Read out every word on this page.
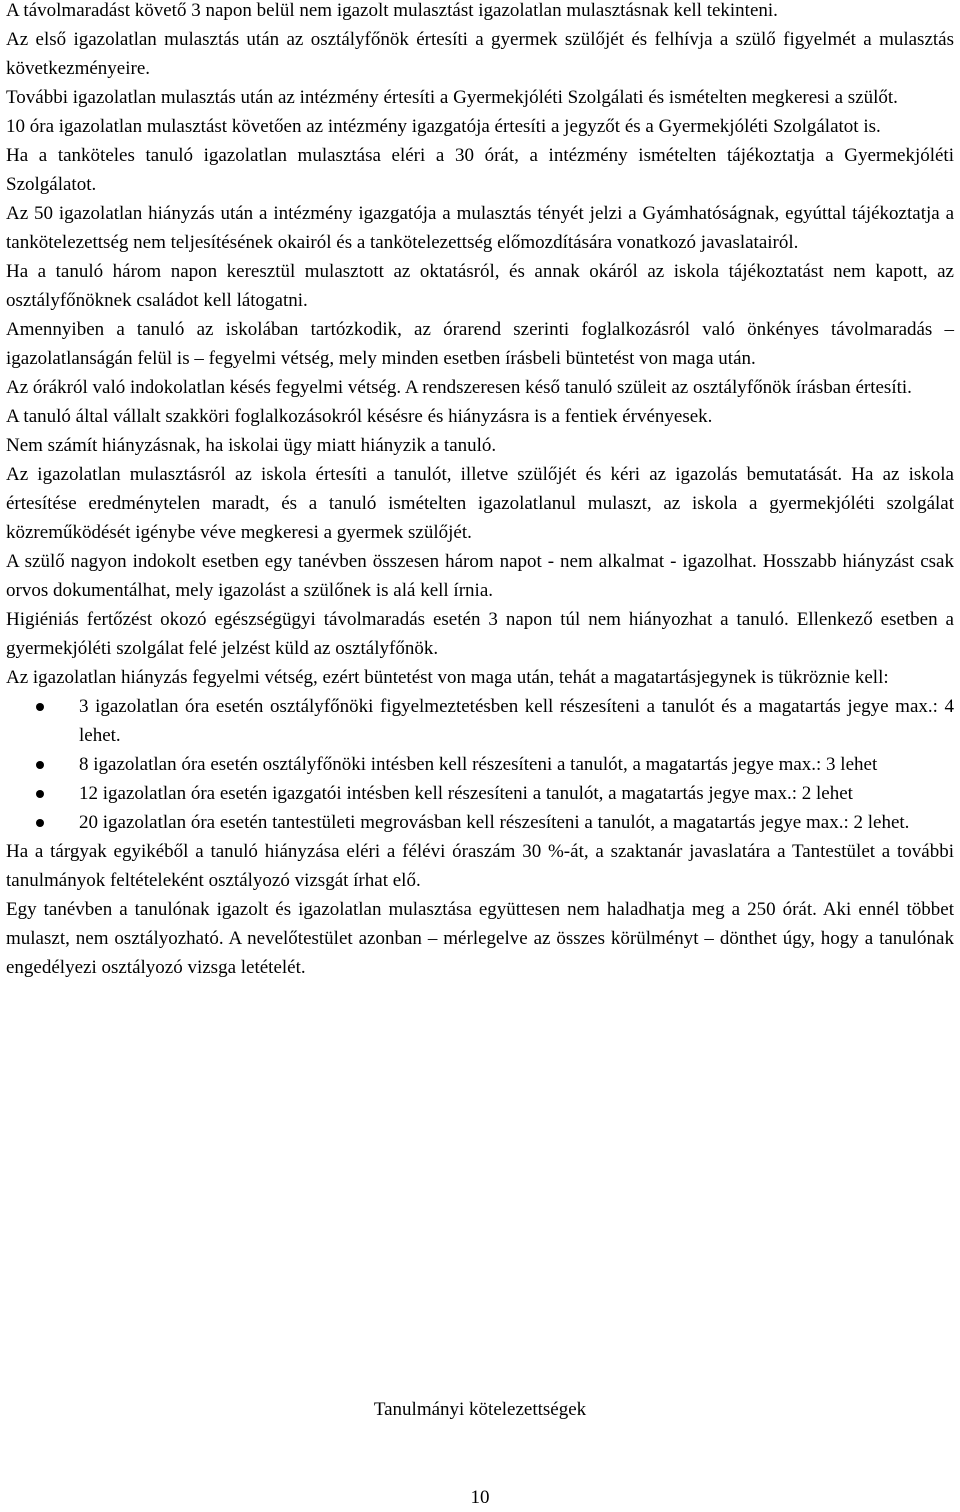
A távolmaradást követő 3 napon belül nem igazolt mulasztást igazolatlan mulasztásnak kell tekinteni.

Az első igazolatlan mulasztás után az osztályfőnök értesíti a gyermek szülőjét és felhívja a szülő figyelmét a mulasztás következményeire.

További igazolatlan mulasztás után az intézmény értesíti a Gyermekjóléti Szolgálati és ismételten megkeresi a szülőt.

10 óra igazolatlan mulasztást követően az intézmény igazgatója értesíti a jegyzőt és a Gyermekjóléti Szolgálatot is.

Ha a tanköteles tanuló igazolatlan mulasztása eléri a 30 órát, a intézmény ismételten tájékoztatja a Gyermekjóléti Szolgálatot.

Az 50 igazolatlan hiányzás után a intézmény igazgatója a mulasztás tényét jelzi a Gyámhatóságnak, egyúttal tájékoztatja a tankötelezettség nem teljesítésének okairól és a tankötelezettség előmozdítására vonatkozó javaslatairól.

Ha a tanuló három napon keresztül mulasztott az oktatásról, és annak okáról az iskola tájékoztatást nem kapott, az osztályfőnöknek családot kell látogatni.

Amennyiben a tanuló az iskolában tartózkodik, az órarend szerinti foglalkozásról való önkényes távolmaradás – igazolatlanságán felül is – fegyelmi vétség, mely minden esetben írásbeli büntetést von maga után.

Az órákról való indokolatlan késés fegyelmi vétség. A rendszeresen késő tanuló szüleit az osztályfőnök írásban értesíti.

A tanuló által vállalt szakköri foglalkozásokról késésre és hiányzásra is a fentiek érvényesek.

Nem számít hiányzásnak, ha iskolai ügy miatt hiányzik a tanuló.

Az igazolatlan mulasztásról az iskola értesíti a tanulót, illetve szülőjét és kéri az igazolás bemutatását. Ha az iskola értesítése eredménytelen maradt, és a tanuló ismételten igazolatlanul mulaszt, az iskola a gyermekjóléti szolgálat közreműködését igénybe véve megkeresi a gyermek szülőjét.

A szülő nagyon indokolt esetben egy tanévben összesen három napot - nem alkalmat - igazolhat. Hosszabb hiányzást csak orvos dokumentálhat, mely igazolást a szülőnek is alá kell írnia.

Higiéniás fertőzést okozó egészségügyi távolmaradás esetén 3 napon túl nem hiányozhat a tanuló. Ellenkező esetben a gyermekjóléti szolgálat felé jelzést küld az osztályfőnök.

Az igazolatlan hiányzás fegyelmi vétség, ezért büntetést von maga után, tehát a magatartásjegynek is tükröznie kell:

3 igazolatlan óra esetén osztályfőnöki figyelmeztetésben kell részesíteni a tanulót és a magatartás jegye max.: 4 lehet.
8 igazolatlan óra esetén osztályfőnöki intésben kell részesíteni a tanulót, a magatartás jegye max.: 3 lehet
12 igazolatlan óra esetén igazgatói intésben kell részesíteni a tanulót, a magatartás jegye max.: 2 lehet
20 igazolatlan óra esetén tantestületi megrovásban kell részesíteni a tanulót, a magatartás jegye max.: 2 lehet.

Ha a tárgyak egyikéből a tanuló hiányzása eléri a félévi óraszám 30 %-át, a szaktanár javaslatára a Tantestület a további tanulmányok feltételeként osztályozó vizsgát írhat elő.

Egy tanévben a tanulónak igazolt és igazolatlan mulasztása együttesen nem haladhatja meg a 250 órát. Aki ennél többet mulaszt, nem osztályozható. A nevelőtestület azonban – mérlegelve az összes körülményt – dönthet úgy, hogy a tanulónak engedélyezi osztályozó vizsga letételét.

Tanulmányi kötelezettségek

10
